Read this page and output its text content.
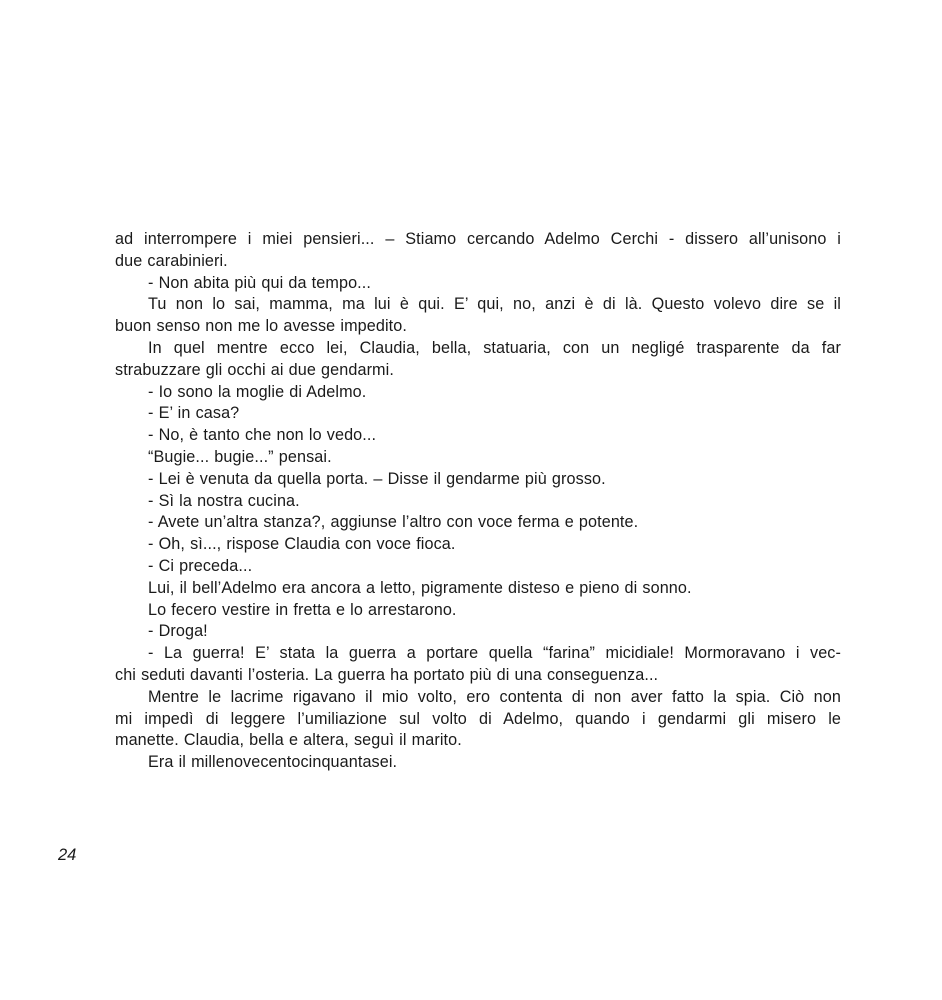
ad interrompere i miei pensieri... – Stiamo cercando Adelmo Cerchi - dissero all’unisono i
due carabinieri.
- Non abita più qui da tempo...
Tu non lo sai, mamma, ma lui è qui. E’ qui, no, anzi è di là. Questo volevo dire se il
buon senso non me lo avesse impedito.
In quel mentre ecco lei, Claudia, bella, statuaria, con un negligé trasparente da far
strabuzzare gli occhi ai due gendarmi.
- Io sono la moglie di Adelmo.
- E’ in casa?
- No, è tanto che non lo vedo...
“Bugie... bugie...” pensai.
- Lei è venuta da quella porta. – Disse il gendarme più grosso.
- Sì la nostra cucina.
- Avete un’altra stanza?, aggiunse l’altro con voce ferma e potente.
- Oh, sì..., rispose Claudia con voce fioca.
- Ci preceda...
Lui, il bell’Adelmo era ancora a letto, pigramente disteso e pieno di sonno.
Lo fecero vestire in fretta e lo arrestarono.
- Droga!
- La guerra! E’ stata la guerra a portare quella “farina” micidiale! Mormoravano i vec-
chi seduti davanti l’osteria. La guerra ha portato più di una conseguenza...
Mentre le lacrime rigavano il mio volto, ero contenta di non aver fatto la spia. Ciò non
mi impedì di leggere l’umiliazione sul volto di Adelmo, quando i gendarmi gli misero le
manette. Claudia, bella e altera, seguì il marito.
Era il millenovecentocinquantasei.
24
